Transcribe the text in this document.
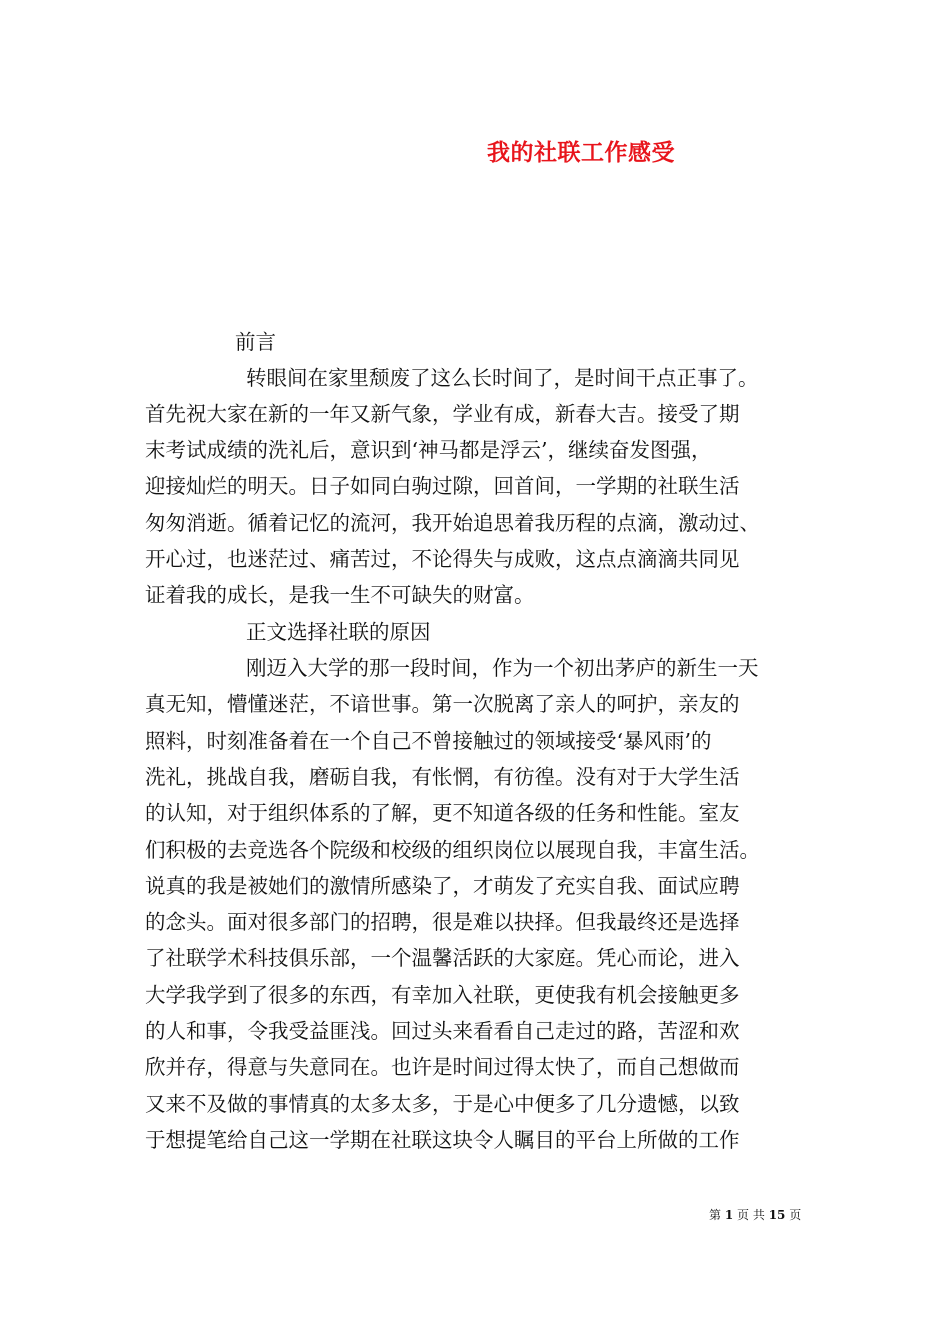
我的社联工作感受

前言

转眼间在家里颓废了这么长时间了，是时间干点正事了。

首先祝大家在新的一年又新气象，学业有成，新春大吉。接受了期

末考试成绩的洗礼后，意识到‘神马都是浮云’，继续奋发图强，

迎接灿烂的明天。日子如同白驹过隙，回首间，一学期的社联生活

匆匆消逝。循着记忆的流河，我开始追思着我历程的点滴，激动过、

开心过，也迷茫过、痛苦过，不论得失与成败，这点点滴滴共同见

证着我的成长，是我一生不可缺失的财富。

正文选择社联的原因

刚迈入大学的那一段时间，作为一个初出茅庐的新生一天

真无知，懵懂迷茫，不谙世事。第一次脱离了亲人的呵护，亲友的

照料，时刻准备着在一个自己不曾接触过的领域接受‘暴风雨’的

洗礼，挑战自我，磨砺自我，有怅惘，有彷徨。没有对于大学生活

的认知，对于组织体系的了解，更不知道各级的任务和性能。室友

们积极的去竞选各个院级和校级的组织岗位以展现自我，丰富生活。

说真的我是被她们的激情所感染了，才萌发了充实自我、面试应聘

的念头。面对很多部门的招聘，很是难以抉择。但我最终还是选择

了社联学术科技俱乐部，一个温馨活跃的大家庭。凭心而论，进入

大学我学到了很多的东西，有幸加入社联，更使我有机会接触更多

的人和事，令我受益匪浅。回过头来看看自己走过的路，苦涩和欢

欣并存，得意与失意同在。也许是时间过得太快了，而自己想做而

又来不及做的事情真的太多太多，于是心中便多了几分遗憾，以致

于想提笔给自己这一学期在社联这块令人瞩目的平台上所做的工作

第 1 页 共 15 页
